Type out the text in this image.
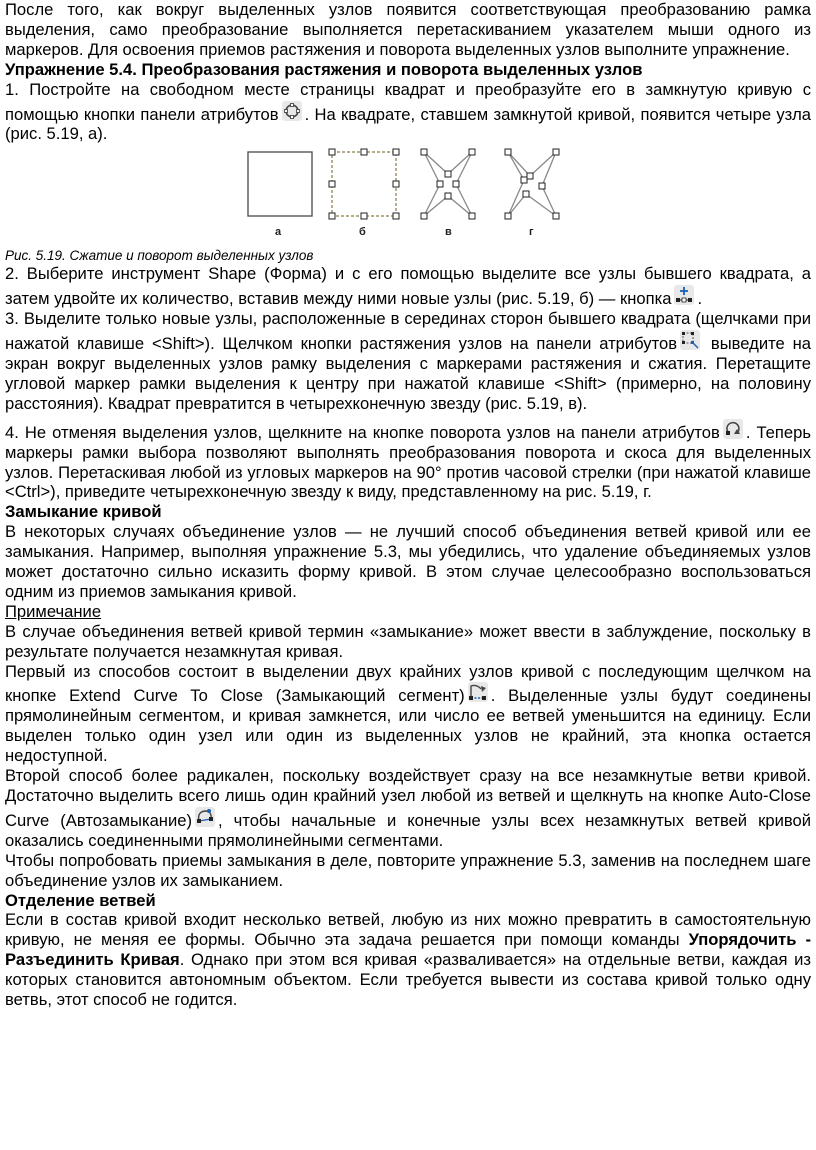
После того, как вокруг выделенных узлов появится соответствующая преобразованию рамка выделения, само преобразование выполняется перетаскиванием указателем мыши одного из маркеров. Для освоения приемов растяжения и поворота выделенных узлов выполните упражнение.

Упражнение 5.4. Преобразования растяжения и поворота выделенных узлов

1. Постройте на свободном месте страницы квадрат и преобразуйте его в замкнутую кривую с помощью кнопки панели атрибутов . На квадрате, ставшем замкнутой кривой, появится четыре узла (рис. 5.19, а).

а	б	в	г

Рис. 5.19. Сжатие и поворот выделенных узлов

2. Выберите инструмент Shape (Форма) и с его помощью выделите все узлы бывшего квадрата, а затем удвойте их количество, вставив между ними новые узлы (рис. 5.19, б) — кнопка .

3. Выделите только новые узлы, расположенные в серединах сторон бывшего квадрата (щелчками при нажатой клавише <Shift>). Щелчком кнопки растяжения узлов на панели атрибутов
выведите на экран вокруг выделенных узлов рамку выделения с маркерами растяжения и сжатия. Перетащите угловой маркер рамки выделения к центру при нажатой клавише <Shift> (примерно, на половину расстояния). Квадрат превратится в четырехконечную звезду (рис. 5.19, в).

4. Не отменяя выделения узлов, щелкните на кнопке поворота узлов на панели атрибутов . Теперь маркеры рамки выбора позволяют выполнять преобразования поворота и скоса для выделенных узлов. Перетаскивая любой из угловых маркеров на 90° против часовой стрелки (при нажатой клавише <Ctrl>), приведите четырехконечную звезду к виду, представленному на рис. 5.19, г.

Замыкание кривой

В некоторых случаях объединение узлов — не лучший способ объединения ветвей кривой или ее замыкания. Например, выполняя упражнение 5.3, мы убедились, что удаление объединяемых узлов может достаточно сильно исказить форму кривой. В этом случае целесообразно воспользоваться одним из приемов замыкания кривой.

Примечание

В случае объединения ветвей кривой термин «замыкание» может ввести в заблуждение, поскольку в результате получается незамкнутая кривая.

Первый из способов состоит в выделении двух крайних узлов кривой с последующим щелчком на кнопке Extend Curve To Close (Замыкающий сегмент) . Выделенные узлы будут соединены прямолинейным сегментом, и кривая замкнется, или число ее ветвей уменьшится на единицу. Если выделен только один узел или один из выделенных узлов не крайний, эта кнопка остается недоступной.

Второй способ более радикален, поскольку воздействует сразу на все незамкнутые ветви кривой. Достаточно выделить всего лишь один крайний узел любой из ветвей и щелкнуть на кнопке Auto-Close Curve (Автозамыкание) , чтобы начальные и конечные узлы всех незамкнутых ветвей кривой оказались соединенными прямолинейными сегментами.

Чтобы попробовать приемы замыкания в деле, повторите упражнение 5.3, заменив на последнем шаге объединение узлов их замыканием.

Отделение ветвей

Если в состав кривой входит несколько ветвей, любую из них можно превратить в самостоятельную кривую, не меняя ее формы. Обычно эта задача решается при помощи команды Упорядочить - Разъединить Кривая. Однако при этом вся кривая «разваливается» на отдельные ветви, каждая из которых становится автономным объектом. Если требуется вывести из состава кривой только одну ветвь, этот способ не годится.
